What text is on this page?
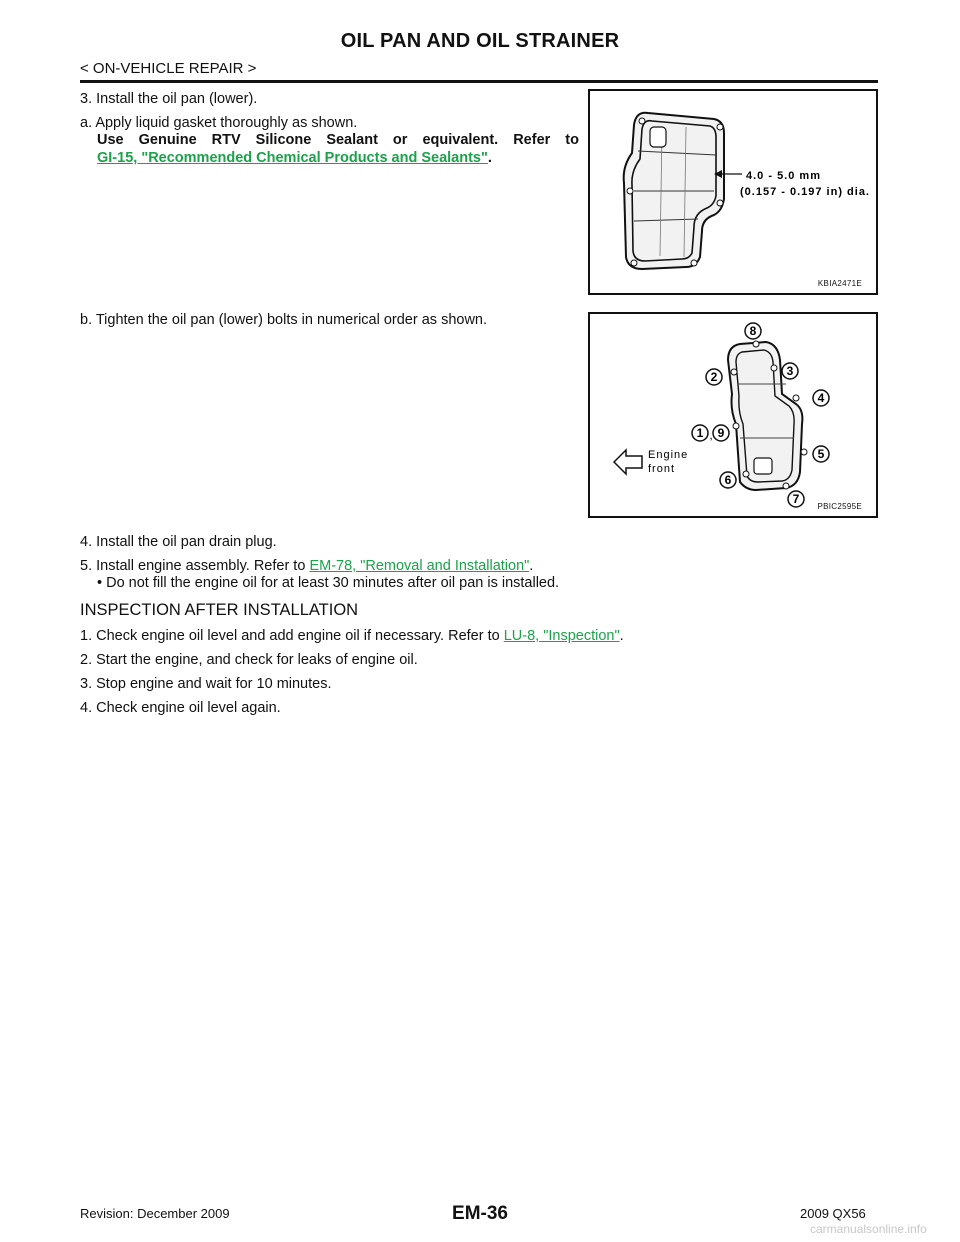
OIL PAN AND OIL STRAINER
< ON-VEHICLE REPAIR >
3. Install the oil pan (lower).
a. Apply liquid gasket thoroughly as shown.
Use Genuine RTV Silicone Sealant or equivalent. Refer to
GI-15, "Recommended Chemical Products and Sealants".
4.0 - 5.0 mm
(0.157 - 0.197 in) dia.
KBIA2471E
b. Tighten the oil pan (lower) bolts in numerical order as shown.
8
2	3
4
1 , 9
5
6
7
Engine
front
PBIC2595E
4. Install the oil pan drain plug.
5. Install engine assembly. Refer to EM-78, "Removal and Installation".
• Do not fill the engine oil for at least 30 minutes after oil pan is installed.
INSPECTION AFTER INSTALLATION
1. Check engine oil level and add engine oil if necessary. Refer to LU-8, "Inspection".
2. Start the engine, and check for leaks of engine oil.
3. Stop engine and wait for 10 minutes.
4. Check engine oil level again.
Revision: December 2009	EM-36	2009 QX56
carmanualsonline.info
